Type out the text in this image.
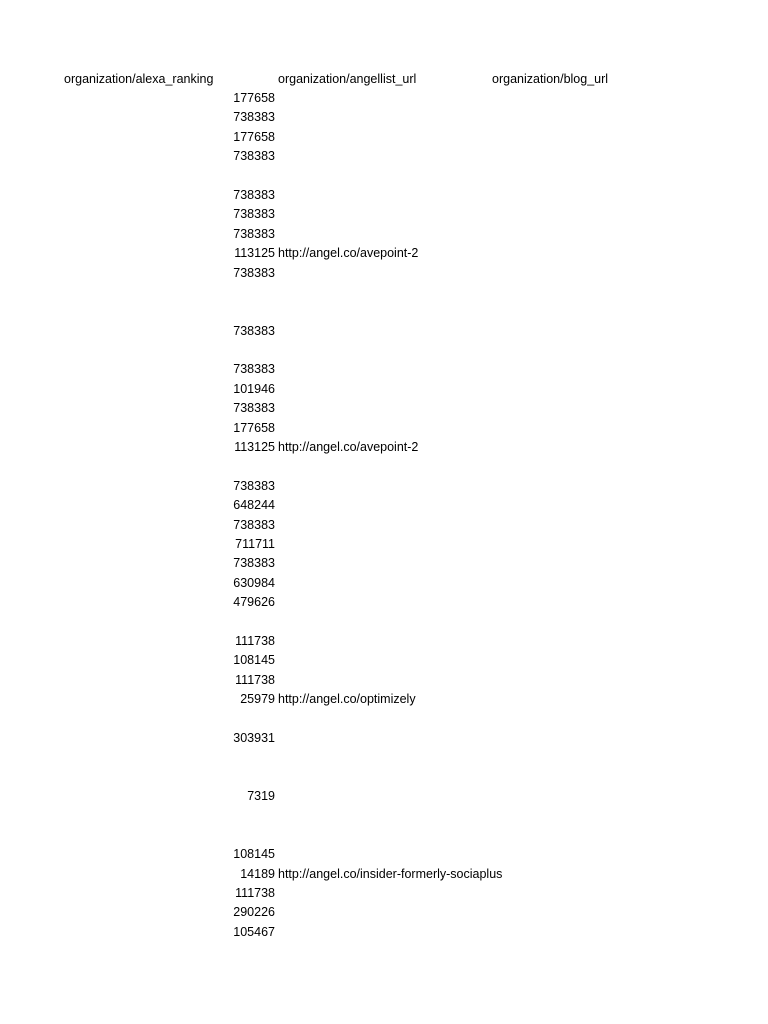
organization/alexa_ranking	organization/angellist_url	organization/blog_url
177658
738383
177658
738383
738383
738383
738383
113125 http://angel.co/avepoint-2
738383
738383
738383
101946
738383
177658
113125 http://angel.co/avepoint-2
738383
648244
738383
711711
738383
630984
479626
111738
108145
111738
25979 http://angel.co/optimizely
303931
7319
108145
14189 http://angel.co/insider-formerly-sociaplus
111738
290226
105467
